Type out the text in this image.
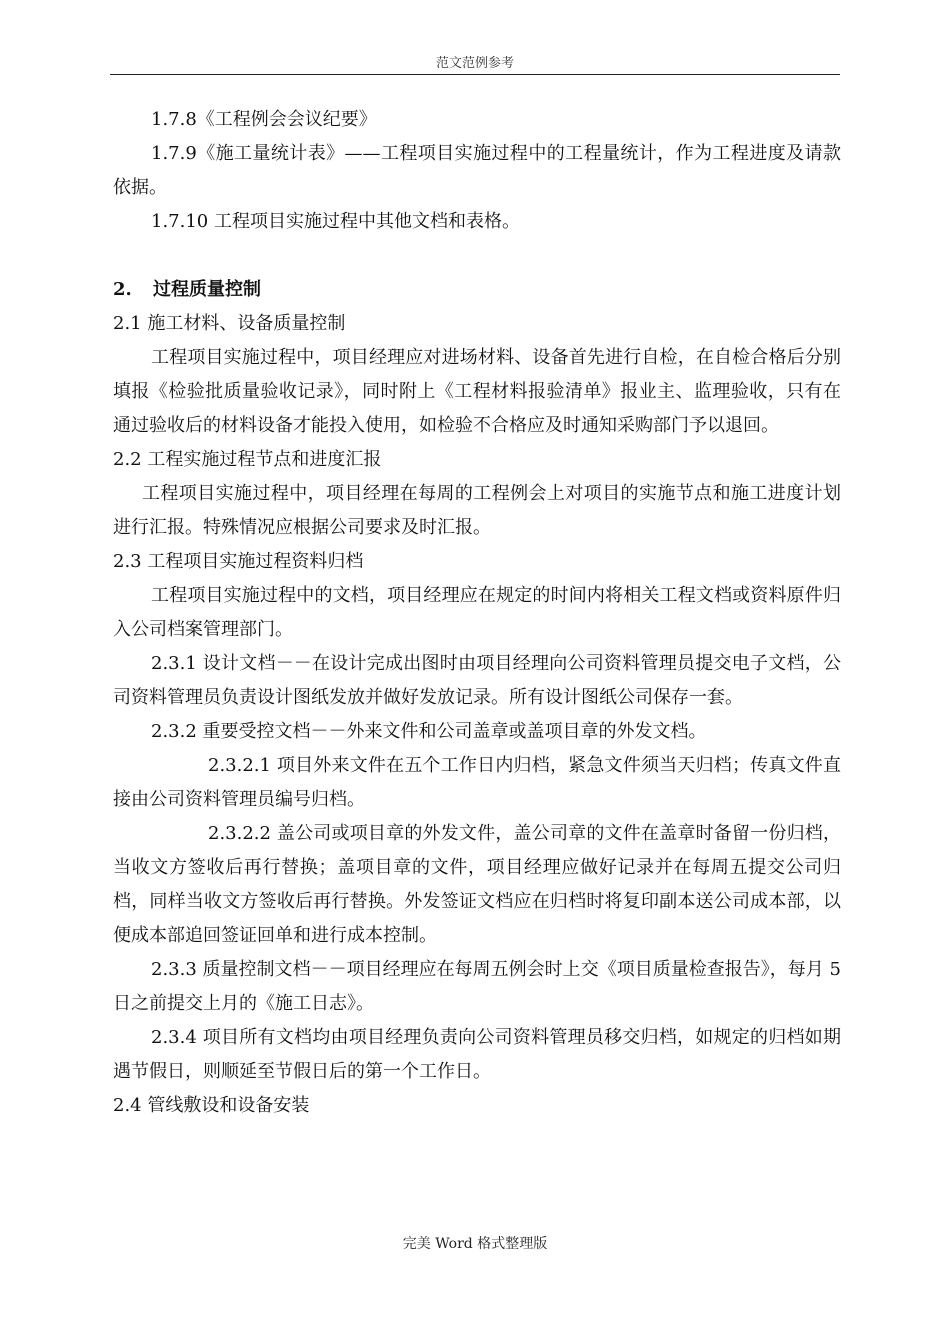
范文范例参考

1.7.8《工程例会会议纪要》

1.7.9《施工量统计表》——工程项目实施过程中的工程量统计，作为工程进度及请款依据。

1.7.10 工程项目实施过程中其他文档和表格。

2. 过程质量控制

2.1 施工材料、设备质量控制

工程项目实施过程中，项目经理应对进场材料、设备首先进行自检，在自检合格后分别填报《检验批质量验收记录》，同时附上《工程材料报验清单》报业主、监理验收，只有在通过验收后的材料设备才能投入使用，如检验不合格应及时通知采购部门予以退回。

2.2 工程实施过程节点和进度汇报

工程项目实施过程中，项目经理在每周的工程例会上对项目的实施节点和施工进度计划进行汇报。特殊情况应根据公司要求及时汇报。

2.3 工程项目实施过程资料归档

工程项目实施过程中的文档，项目经理应在规定的时间内将相关工程文档或资料原件归入公司档案管理部门。

2.3.1 设计文档－－在设计完成出图时由项目经理向公司资料管理员提交电子文档，公司资料管理员负责设计图纸发放并做好发放记录。所有设计图纸公司保存一套。

2.3.2 重要受控文档－－外来文件和公司盖章或盖项目章的外发文档。

2.3.2.1 项目外来文件在五个工作日内归档，紧急文件须当天归档；传真文件直接由公司资料管理员编号归档。

2.3.2.2 盖公司或项目章的外发文件，盖公司章的文件在盖章时备留一份归档，当收文方签收后再行替换；盖项目章的文件，项目经理应做好记录并在每周五提交公司归档，同样当收文方签收后再行替换。外发签证文档应在归档时将复印副本送公司成本部，以便成本部追回签证回单和进行成本控制。

2.3.3 质量控制文档－－项目经理应在每周五例会时上交《项目质量检查报告》，每月 5 日之前提交上月的《施工日志》。

2.3.4 项目所有文档均由项目经理负责向公司资料管理员移交归档，如规定的归档如期遇节假日，则顺延至节假日后的第一个工作日。

2.4 管线敷设和设备安装

完美 Word 格式整理版
